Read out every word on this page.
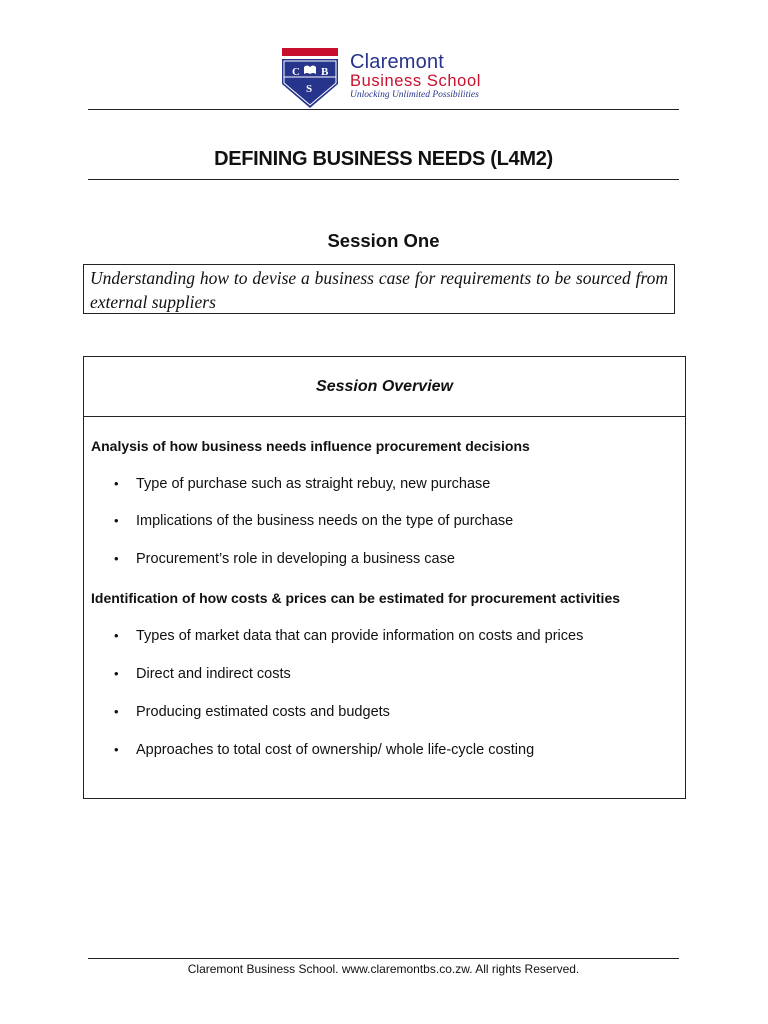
C B
S
Claremont
Business School
Unlocking Unlimited Possibilities
DEFINING BUSINESS NEEDS (L4M2)
Session One
Understanding how to devise a business case for requirements to be sourced from external suppliers
Session Overview
Analysis of how business needs influence procurement decisions
• Type of purchase such as straight rebuy, new purchase
• Implications of the business needs on the type of purchase
• Procurement’s role in developing a business case
Identification of how costs & prices can be estimated for procurement activities
• Types of market data that can provide information on costs and prices
• Direct and indirect costs
• Producing estimated costs and budgets
• Approaches to total cost of ownership/ whole life-cycle costing
Claremont Business School. www.claremontbs.co.zw. All rights Reserved.
